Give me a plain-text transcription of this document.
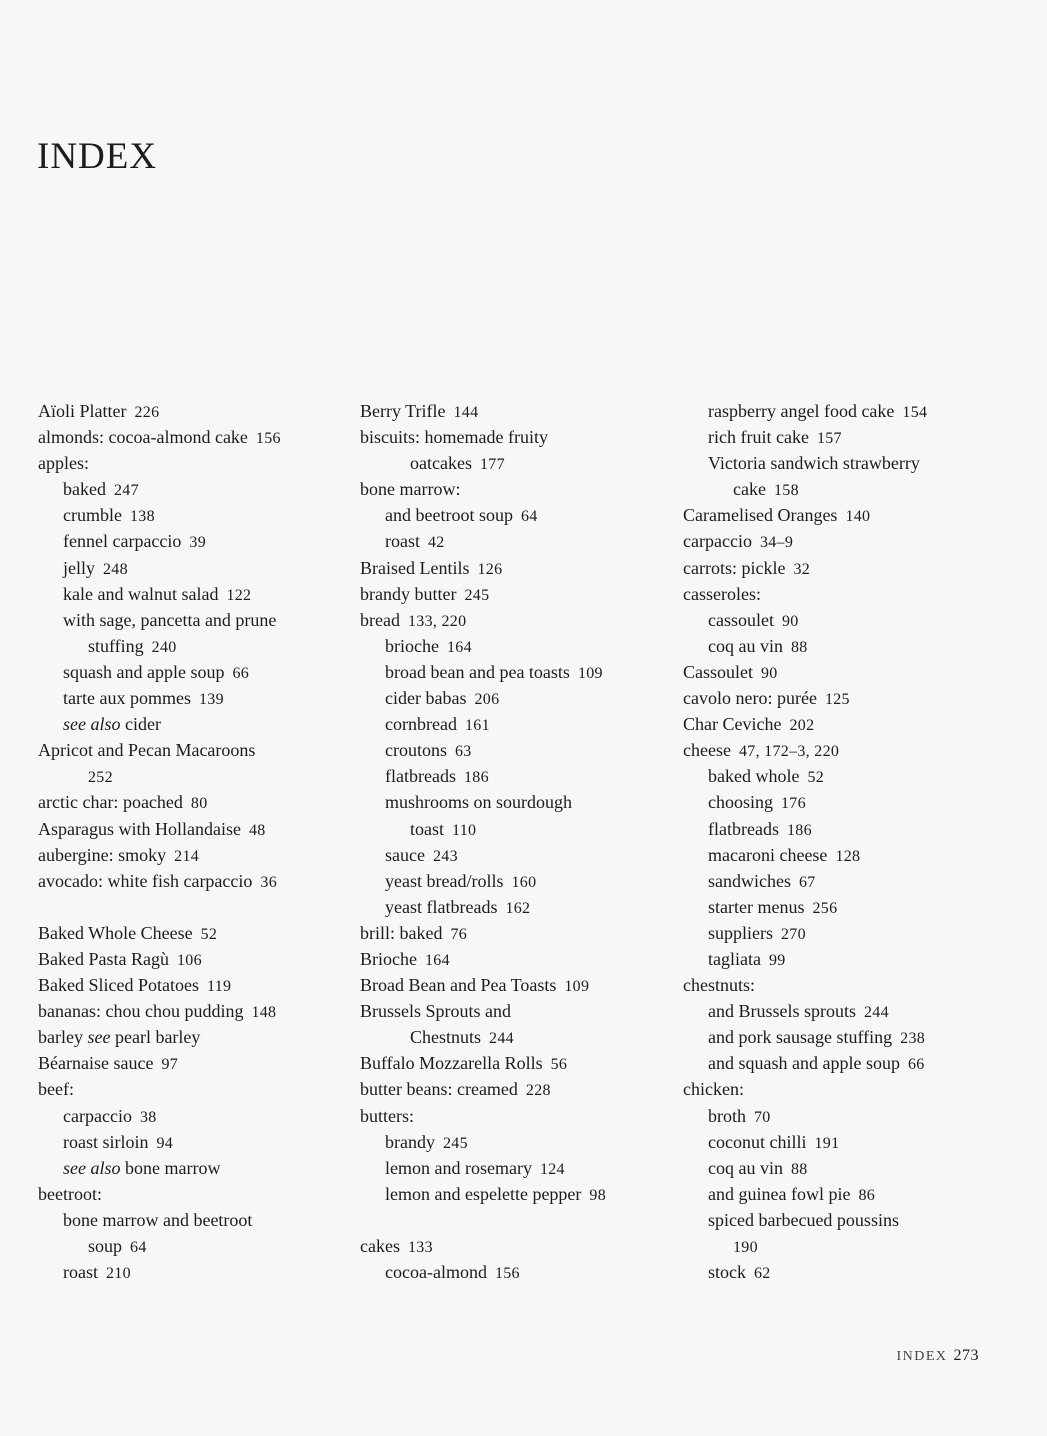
INDEX
Aïoli Platter 226
almonds: cocoa-almond cake 156
apples:
baked 247
crumble 138
fennel carpaccio 39
jelly 248
kale and walnut salad 122
with sage, pancetta and prune
stuffing 240
squash and apple soup 66
tarte aux pommes 139
see also cider
Apricot and Pecan Macaroons
252
arctic char: poached 80
Asparagus with Hollandaise 48
aubergine: smoky 214
avocado: white fish carpaccio 36
Baked Whole Cheese 52
Baked Pasta Ragù 106
Baked Sliced Potatoes 119
bananas: chou chou pudding 148
barley see pearl barley
Béarnaise sauce 97
beef:
carpaccio 38
roast sirloin 94
see also bone marrow
beetroot:
bone marrow and beetroot
soup 64
roast 210
Berry Trifle 144
biscuits: homemade fruity
oatcakes 177
bone marrow:
and beetroot soup 64
roast 42
Braised Lentils 126
brandy butter 245
bread 133, 220
brioche 164
broad bean and pea toasts 109
cider babas 206
cornbread 161
croutons 63
flatbreads 186
mushrooms on sourdough
toast 110
sauce 243
yeast bread/rolls 160
yeast flatbreads 162
brill: baked 76
Brioche 164
Broad Bean and Pea Toasts 109
Brussels Sprouts and
Chestnuts 244
Buffalo Mozzarella Rolls 56
butter beans: creamed 228
butters:
brandy 245
lemon and rosemary 124
lemon and espelette pepper 98
cakes 133
cocoa-almond 156
raspberry angel food cake 154
rich fruit cake 157
Victoria sandwich strawberry
cake 158
Caramelised Oranges 140
carpaccio 34–9
carrots: pickle 32
casseroles:
cassoulet 90
coq au vin 88
Cassoulet 90
cavolo nero: purée 125
Char Ceviche 202
cheese 47, 172–3, 220
baked whole 52
choosing 176
flatbreads 186
macaroni cheese 128
sandwiches 67
starter menus 256
suppliers 270
tagliata 99
chestnuts:
and Brussels sprouts 244
and pork sausage stuffing 238
and squash and apple soup 66
chicken:
broth 70
coconut chilli 191
coq au vin 88
and guinea fowl pie 86
spiced barbecued poussins
190
stock 62
INDEX 273
